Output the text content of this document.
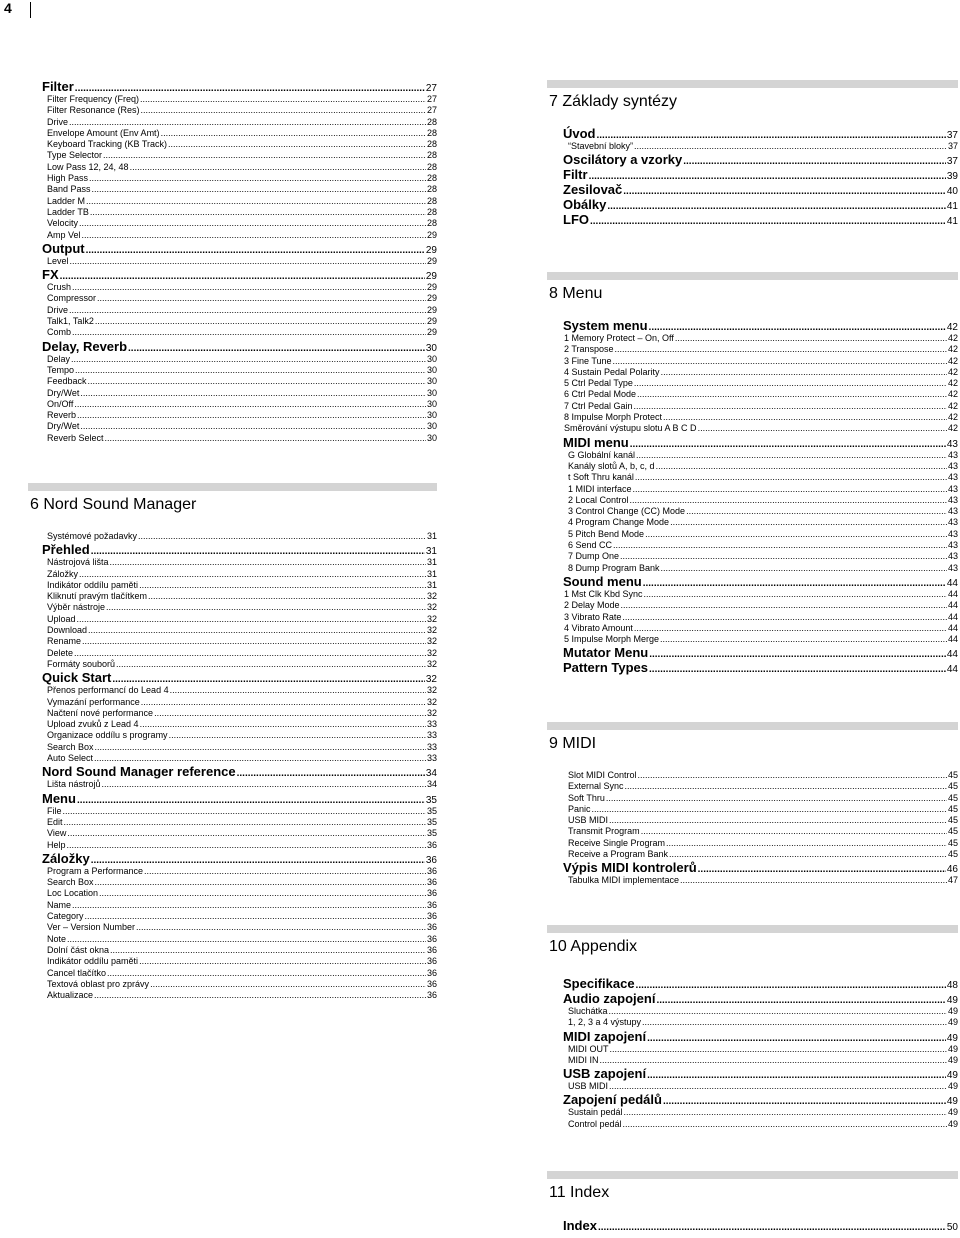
4
Filter .....	27
Filter Frequency (Freq) .....	27
Filter Resonance (Res) .....	27
Drive .....	28
Envelope Amount (Env Amt) .....	28
Keyboard Tracking (KB Track) .....	28
Type Selector .....	28
Low Pass 12, 24, 48 .....	28
High Pass .....	28
Band Pass .....	28
Ladder M .....	28
Ladder TB .....	28
Velocity .....	28
Amp Vel .....	29
Output .....	29
Level .....	29
FX .....	29
Crush .....	29
Compressor .....	29
Drive .....	29
Talk1, Talk2 .....	29
Comb .....	29
Delay, Reverb .....	30
Delay .....	30
Tempo .....	30
Feedback .....	30
Dry/Wet .....	30
On/Off .....	30
Reverb .....	30
Dry/Wet .....	30
Reverb Select .....	30
6 Nord Sound Manager
Systémové požadavky .....	31
Přehled .....	31
Nástrojová lišta .....	31
Záložky .....	31
Indikátor oddílu paměti .....	31
Kliknutí pravým tlačítkem .....	32
Výběr nástroje .....	32
Upload .....	32
Download .....	32
Rename .....	32
Delete .....	32
Formáty souborů .....	32
Quick Start .....	32
Přenos performancí do Lead 4 .....	32
Vymazání performance .....	32
Načtení nové performance .....	32
Upload zvuků z Lead 4 .....	33
Organizace oddílu s programy .....	33
Search Box .....	33
Auto Select .....	33
Nord Sound Manager reference .....	34
Lišta nástrojů .....	34
Menu .....	35
File .....	35
Edit .....	35
View .....	35
Help .....	36
Záložky .....	36
Program a Performance .....	36
Search Box .....	36
Loc Location .....	36
Name .....	36
Category .....	36
Ver – Version Number .....	36
Note .....	36
Dolní část okna .....	36
Indikátor oddílu paměti .....	36
Cancel tlačítko .....	36
Textová oblast pro zprávy .....	36
Aktualizace .....	36
7 Základy syntézy
Úvod .....	37
“Stavební bloky” .....	37
Oscilátory a vzorky .....	37
Filtr .....	39
Zesilovač .....	40
Obálky .....	41
LFO .....	41
8 Menu
System menu .....	42
1 Memory Protect – On, Off .....	42
2 Transpose .....	42
3 Fine Tune .....	42
4 Sustain Pedal Polarity .....	42
5 Ctrl Pedal Type .....	42
6 Ctrl Pedal Mode .....	42
7 Ctrl Pedal Gain .....	42
8 Impulse Morph Protect .....	42
Směrování výstupu slotu A B C D .....	42
MIDI menu .....	43
G Globální kanál .....	43
Kanály slotů A, b, c, d .....	43
t Soft Thru kanál .....	43
1 MIDI interface .....	43
2 Local Control .....	43
3 Control Change (CC) Mode .....	43
4 Program Change Mode .....	43
5 Pitch Bend Mode .....	43
6 Send CC .....	43
7 Dump One .....	43
8 Dump Program Bank .....	43
Sound menu .....	44
1 Mst Clk Kbd Sync .....	44
2 Delay Mode .....	44
3 Vibrato Rate .....	44
4 Vibrato Amount .....	44
5 Impulse Morph Merge .....	44
Mutator Menu .....	44
Pattern Types .....	44
9 MIDI
Slot MIDI Control .....	45
External Sync .....	45
Soft Thru .....	45
Panic .....	45
USB MIDI .....	45
Transmit Program .....	45
Receive Single Program .....	45
Receive a Program Bank .....	45
Výpis MIDI kontrolerů .....	46
Tabulka MIDI implementace .....	47
10 Appendix
Specifikace .....	48
Audio zapojení .....	49
Sluchátka .....	49
1, 2, 3 a 4 výstupy .....	49
MIDI zapojení .....	49
MIDI OUT .....	49
MIDI IN .....	49
USB zapojení .....	49
USB MIDI .....	49
Zapojení pedálů .....	49
Sustain pedál .....	49
Control pedál .....	49
11 Index
Index .....	50
